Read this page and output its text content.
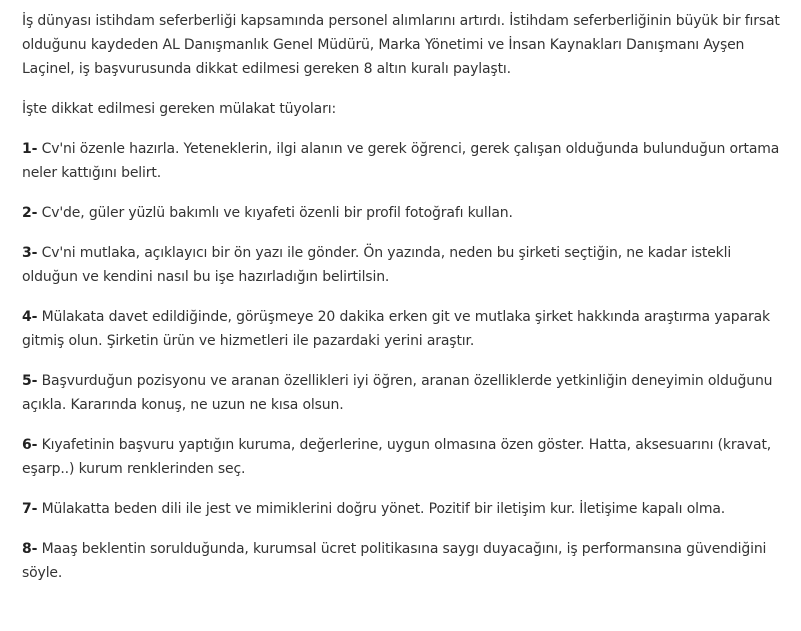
İş dünyası istihdam seferberliği kapsamında personel alımlarını artırdı. İstihdam seferberliğinin büyük bir fırsat olduğunu kaydeden AL Danışmanlık Genel Müdürü, Marka Yönetimi ve İnsan Kaynakları Danışmanı Ayşen Laçinel, iş başvurusunda dikkat edilmesi gereken 8 altın kuralı paylaştı.

İşte dikkat edilmesi gereken mülakat tüyoları:

1- Cv'ni özenle hazırla. Yeteneklerin, ilgi alanın ve gerek öğrenci, gerek çalışan olduğunda bulunduğun ortama neler kattığını belirt.

2- Cv'de, güler yüzlü bakımlı ve kıyafeti özenli bir profil fotoğrafı kullan.

3- Cv'ni mutlaka, açıklayıcı bir ön yazı ile gönder. Ön yazında, neden bu şirketi seçtiğin, ne kadar istekli olduğun ve kendini nasıl bu işe hazırladığın belirtilsin.

4- Mülakata davet edildiğinde, görüşmeye 20 dakika erken git ve mutlaka şirket hakkında araştırma yaparak gitmiş olun. Şirketin ürün ve hizmetleri ile pazardaki yerini araştır.

5- Başvurduğun pozisyonu ve aranan özellikleri iyi öğren, aranan özelliklerde yetkinliğin deneyimin olduğunu açıkla. Kararında konuş, ne uzun ne kısa olsun.

6- Kıyafetinin başvuru yaptığın kuruma, değerlerine, uygun olmasına özen göster. Hatta, aksesuarını (kravat, eşarp..) kurum renklerinden seç.

7- Mülakatta beden dili ile jest ve mimiklerini doğru yönet. Pozitif bir iletişim kur. İletişime kapalı olma.

8- Maaş beklentin sorulduğunda, kurumsal ücret politikasına saygı duyacağını, iş performansına güvendiğini söyle.
